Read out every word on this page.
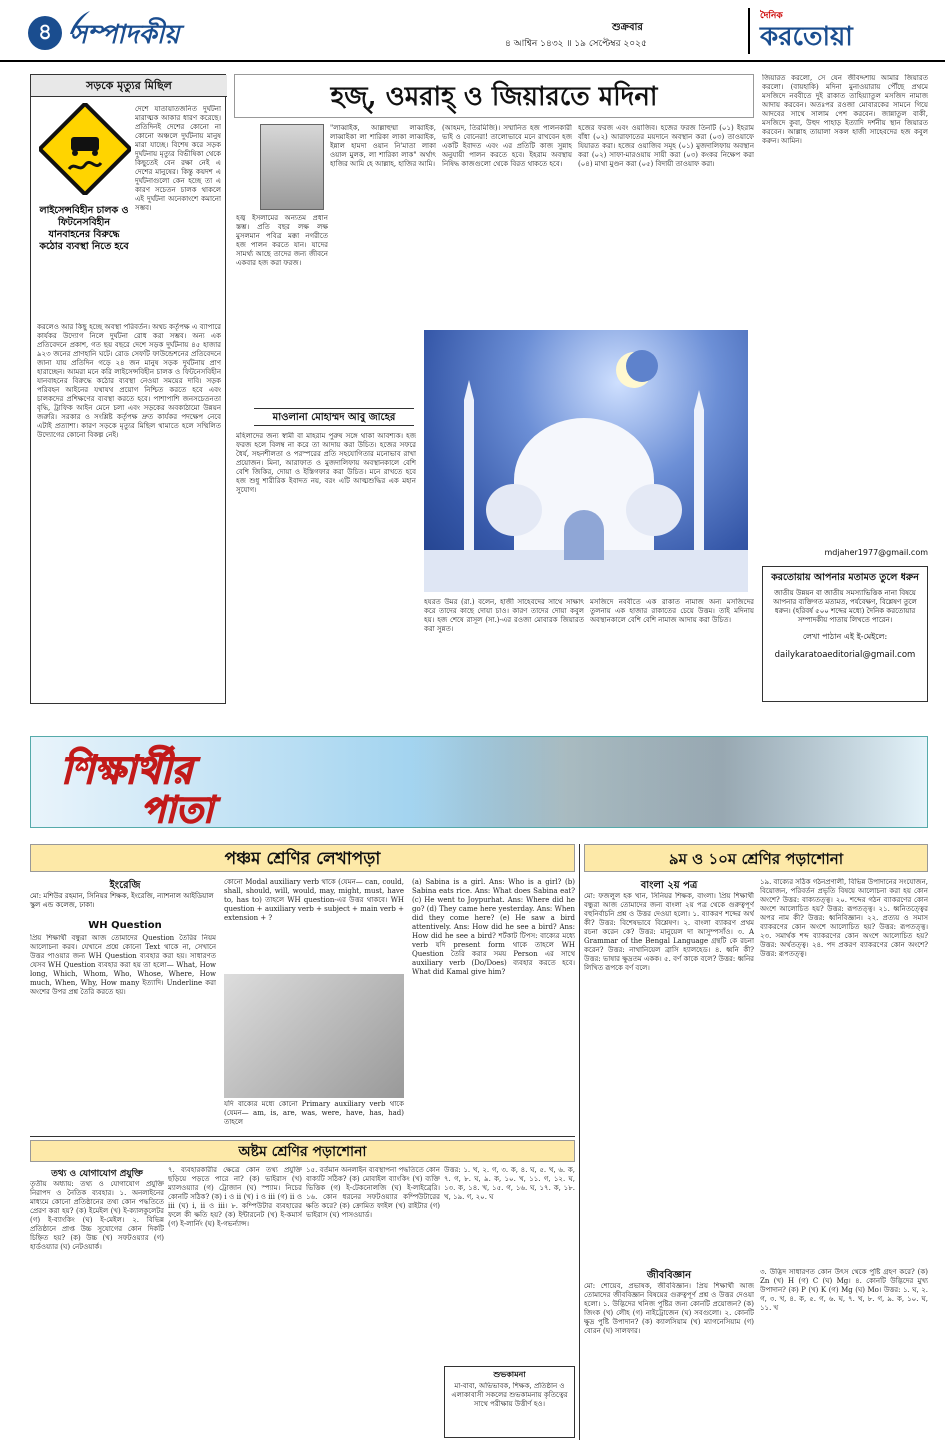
৪ সম্পাদকীয়	শুক্রবার
৪ আশ্বিন ১৪৩২ ॥ ১৯ সেপ্টেম্বর ২০২৫
দৈনিক
করতোয়া
সড়কে মৃত্যুর মিছিল
দেশে যাতায়াতজনিত দুর্ঘটনা মারাত্মক আকার ধারণ করেছে। প্রতিদিনই দেশের কোনো না কোনো অঞ্চলে দুর্ঘটনায় মানুষ মারা যাচ্ছে। বিশেষ করে সড়ক দুর্ঘটনায় মৃত্যুর বিভীষিকা থেকে কিছুতেই বেন রক্ষা নেই এ দেশের মানুষের। কিন্তু কয়দশ এ দুর্ঘটনাগুলো কেন হচ্ছে তা এ কারণ সচেতন চালক থাকলে এই দুর্ঘটনা অনেকাংশে কমানো সম্ভব।
লাইসেন্সবিহীন চালক ও ফিটনেসবিহীন যানবাহনের বিরুদ্ধে কঠোর ব্যবস্থা নিতে হবে
করলেও আর কিছু হচ্ছে অবস্থা পরিবর্তন। অথচ কর্তৃপক্ষ এ ব্যাপারে কার্যকর উদ্যোগ নিলে দুর্ঘটনা রোধ করা সম্ভব। অন্য এক প্রতিবেদনে প্রকাশ, গত ছয় বছরে দেশে সড়ক দুর্ঘটনায় ৪৫ হাজার ৯২৩ জনের প্রাণহানি ঘটে। রোড সেফটি ফাউন্ডেশনের প্রতিবেদনে জানা যায় প্রতিদিন গড়ে ২৪ জন মানুষ সড়ক দুর্ঘটনায় প্রাণ হারাচ্ছেন। আমরা মনে করি লাইসেন্সবিহীন চালক ও ফিটনেসবিহীন যানবাহনের বিরুদ্ধে কঠোর ব্যবস্থা নেওয়া সময়ের দাবি। সড়ক পরিবহন আইনের যথাযথ প্রয়োগ নিশ্চিত করতে হবে এবং চালকদের প্রশিক্ষণের ব্যবস্থা করতে হবে। পাশাপাশি জনসচেতনতা বৃদ্ধি, ট্রাফিক আইন মেনে চলা এবং সড়কের অবকাঠামো উন্নয়ন জরুরি। সরকার ও সংশ্লিষ্ট কর্তৃপক্ষ দ্রুত কার্যকর পদক্ষেপ নেবে এটাই প্রত্যাশা। কারণ সড়কে মৃত্যুর মিছিল থামাতে হলে সম্মিলিত উদ্যোগের কোনো বিকল্প নেই।
হজ্, ওমরাহ্ ও জিয়ারতে মদিনা
"লাব্বাইক, আল্লাহুম্মা লাব্বাইক, লাব্বাইকা লা শারিকা লাকা লাব্বাইক, ইন্নাল হামদা ওয়ান নি'মাতা লাকা ওয়াল মুলক, লা শারিকা লাক" অর্থাৎ হাজির আমি হে আল্লাহ, হাজির আমি।
হজ্ব ইসলামের অন্যতম প্রধান স্তম্ভ। প্রতি বছর লক্ষ লক্ষ মুসলমান পবিত্র মক্কা নগরীতে হজ পালন করতে যান। যাদের সামর্থ্য আছে তাদের জন্য জীবনে একবার হজ করা ফরজ।
(আহমদ, তিরমিজি)। সম্মানিত হজ পালনকারী ভাই ও বোনেরা! তালোভাবে মনে রাখবেন হজ একটি ইবাদত এবং এর প্রতিটি কাজ সুন্নাহ অনুযায়ী পালন করতে হবে। ইহরাম অবস্থায় নিষিদ্ধ কাজগুলো থেকে বিরত থাকতে হবে।
হজের ফরজ এবং ওয়াজিব। হজের ফরজ তিনটি (০১) ইহরাম বাঁধা (০২) আরাফাতের ময়দানে অবস্থান করা (০৩) তাওয়াফে যিয়ারত করা। হজের ওয়াজিব সমূহ (০১) মুজদালিফায় অবস্থান করা (০২) সাফা-মারওয়ায় সায়ী করা (০৩) কংকর নিক্ষেপ করা (০৪) মাথা মুণ্ডন করা (০৫) বিদায়ী তাওয়াফ করা।
মাওলানা মোহাম্মদ আবু জাহের
মহিলাদের জন্য স্বামী বা মাহরাম পুরুষ সঙ্গে থাকা আবশ্যক। হজ ফরজ হলে বিলম্ব না করে তা আদায় করা উচিত। হজের সফরে ধৈর্য, সহনশীলতা ও পরস্পরের প্রতি সহযোগিতার মনোভাব রাখা প্রয়োজন। মিনা, আরাফাত ও মুজদালিফায় অবস্থানকালে বেশি বেশি জিকির, দোয়া ও ইস্তিগফার করা উচিত। মনে রাখতে হবে হজ শুধু শারীরিক ইবাদত নয়, বরং এটি আত্মশুদ্ধির এক মহান সুযোগ।
হযরত উমর (রা.) বলেন, হাজী সাহেবদের সাথে সাক্ষাৎ করে তাদের কাছে দোয়া চাও। কারণ তাদের দোয়া কবুল হয়। হজ শেষে রাসূল (সা.)-এর রওজা মোবারক জিয়ারত করা সুন্নত।
মসজিদে নববীতে এক রাকাত নামাজ অন্য মসজিদের তুলনায় এক হাজার রাকাতের চেয়ে উত্তম। তাই মদিনায় অবস্থানকালে বেশি বেশি নামাজ আদায় করা উচিত।
জিয়ারত করলো, সে যেন জীবদ্দশায় আমার জিয়ারত করলো। (বায়হাকি) মদিনা মুনাওয়ারায় পৌঁছে প্রথমে মসজিদে নববীতে দুই রাকাত তাহিয়্যাতুল মসজিদ নামাজ আদায় করবেন। অতঃপর রওজা মোবারকের সামনে গিয়ে আদবের সাথে সালাম পেশ করবেন। জান্নাতুল বাকী, মসজিদে কুবা, উহুদ পাহাড় ইত্যাদি দর্শনীয় স্থান জিয়ারত করবেন। আল্লাহ তায়ালা সকল হাজী সাহেবদের হজ কবুল করুন। আমিন।
mdjaher1977@gmail.com
করতোয়ায় আপনার মতামত তুলে ধরুন
জাতীয় উন্নয়ন বা জাতীয় সমস্যাভিত্তিক নানা বিষয়ে আপনার ব্যক্তিগত মতামত, পর্যবেক্ষণ, বিশ্লেষণ তুলে ধরুন। (হরিবর্ষ ৫০০ শব্দের মধ্যে) দৈনিক করতোয়ার সম্পাদকীয় পাতায় লিখতে পারেন।
লেখা পাঠান এই ই-মেইলে:
dailykaratoaeditorial@gmail.com
শিক্ষার্থীর
পাতা
পঞ্চম শ্রেণির লেখাপড়া
ইংরেজি
মো: মশিউর রহমান, সিনিয়র শিক্ষক, ইংরেজি, ন্যাশনাল আইডিয়াল স্কুল এন্ড কলেজ, ঢাকা।
WH Question
প্রিয় শিক্ষার্থী বন্ধুরা আজ তোমাদের Question তৈরির নিয়ম আলোচনা করব। যেখানে প্রশ্নে কোনো Text থাকে না, সেখানে উত্তর পাওয়ার জন্য WH Question ব্যবহার করা হয়। সাধারণত যেসব WH Question ব্যবহার করা হয় তা হলো— What, How long, Which, Whom, Who, Whose, Where, How much, When, Why, How many ইত্যাদি। Underline করা অংশের উপর প্রশ্ন তৈরি করতে হয়।
কোনো Modal auxiliary verb থাকে (যেমন— can, could, shall, should, will, would, may, might, must, have to, has to) তাহলে WH question-এর উত্তর থাকবে। WH question + auxiliary verb + subject + main verb + extension + ?
যদি বাক্যের মধ্যে কোনো Primary auxiliary verb থাকে (যেমন— am, is, are, was, were, have, has, had) তাহলে
(a) Sabina is a girl. Ans: Who is a girl? (b) Sabina eats rice. Ans: What does Sabina eat? (c) He went to Joypurhat. Ans: Where did he go? (d) They came here yesterday. Ans: When did they come here? (e) He saw a bird attentively. Ans: How did he see a bird? Ans: How did he see a bird? শর্টকাট টিপস: বাক্যের মধ্যে verb যদি present form থাকে তাহলে WH Question তৈরি করার সময় Person এর সাথে auxiliary verb (Do/Does) ব্যবহার করতে হবে। What did Kamal give him?
অষ্টম শ্রেণির পড়াশোনা
তথ্য ও যোগাযোগ প্রযুক্তি
তৃতীয় অধ্যায়: তথ্য ও যোগাযোগ প্রযুক্তি নিরাপদ ও নৈতিক ব্যবহার। ১. অনলাইনের মাধ্যমে কোনো প্রতিষ্ঠানের তথ্য কোন পদ্ধতিতে প্রেরণ করা হয়? (ক) ইমেইল (খ) ই-ক্যালকুলেটর (গ) ই-ব্যাংকিং (ঘ) ই-মেইল। ২. বিভিন্ন প্রতিষ্ঠানে প্রাপ্ত উচ্চ সুযোগের কোন দিকটি চিহ্নিত হয়? (ক) উচ্চ (খ) সফটওয়্যার (গ) হার্ডওয়্যার (ঘ) নেটওয়ার্ক।
৭. ব্যবহারকারীর ক্ষেত্রে কোন তথ্য প্রযুক্তি ছড়িয়ে পড়তে পারে না? (ক) ভাইরাস (খ) ম্যালওয়্যার (গ) ট্রোজান (ঘ) স্প্যাম। নিচের কোনটি সঠিক? (ক) i ও ii (খ) i ও iii (গ) ii ও iii (ঘ) i, ii ও iii। ৮. কম্পিউটার ব্যবহারের ফলে কী ক্ষতি হয়? (ক) ইন্টারনেট (খ) ই-কমার্স (গ) ই-লার্নিং (ঘ) ই-গভর্ন্যান্স।
১৫. বর্তমান অনলাইন ব্যবস্থাপনা পদ্ধতিতে কোন বাক্যটি সঠিক? (ক) মোবাইল ব্যাংকিং (খ) ব্যক্তি ভিত্তিক (গ) ই-টেকনোলজি (ঘ) ই-লাইব্রেরি। ১৬. কোন ধরনের সফটওয়্যার কম্পিউটারের ক্ষতি করে? (ক) ক্রোমিত ফাইল (খ) রাইটার (গ) ভাইরাস (ঘ) পাসওয়ার্ড।
উত্তর: ১. খ, ২. গ, ৩. ক, ৪. ঘ, ৫. খ, ৬. ক, ৭. গ, ৮. ঘ, ৯. ক, ১০. খ, ১১. গ, ১২. ঘ, ১৩. ক, ১৪. খ, ১৫. গ, ১৬. ঘ, ১৭. ক, ১৮. খ, ১৯. গ, ২০. ঘ
শুভকামনা
মা-বাবা, অভিভাবক, শিক্ষক, প্রতিষ্ঠান ও এলাকাবাসী সকলের শুভকামনায় কৃতিত্বের সাথে পরীক্ষায় উত্তীর্ণ হও।
৯ম ও ১০ম শ্রেণির পড়াশোনা
বাংলা ২য় পত্র
মো: ফজলুল হক খান, সিনিয়র শিক্ষক, বাংলা। প্রিয় শিক্ষার্থী বন্ধুরা আজ তোমাদের জন্য বাংলা ২য় পত্র থেকে গুরুত্বপূর্ণ বহুনির্বাচনি প্রশ্ন ও উত্তর দেওয়া হলো। ১. ব্যাকরণ শব্দের অর্থ কী? উত্তর: বিশেষভাবে বিশ্লেষণ। ২. বাংলা ব্যাকরণ প্রথম রচনা করেন কে? উত্তর: মানুয়েল দা আসুম্পসাঁও। ৩. A Grammar of the Bengal Language গ্রন্থটি কে রচনা করেন? উত্তর: নাথানিয়েল ব্রাসি হ্যালহেড। ৪. ধ্বনি কী? উত্তর: ভাষার ক্ষুদ্রতম একক। ৫. বর্ণ কাকে বলে? উত্তর: ধ্বনির লিখিত রূপকে বর্ণ বলে।
১৯. বাক্যের সঠিক গঠনপ্রণালী, বিভিন্ন উপাদানের সংযোজন, বিয়োজন, পরিবর্তন প্রভৃতি বিষয়ে আলোচনা করা হয় কোন অংশে? উত্তর: বাক্যতত্ত্ব। ২০. শব্দের গঠন ব্যাকরণের কোন অংশে আলোচিত হয়? উত্তর: রূপতত্ত্ব। ২১. ধ্বনিতত্ত্বের অপর নাম কী? উত্তর: ধ্বনিবিজ্ঞান। ২২. প্রত্যয় ও সমাস ব্যাকরণের কোন অংশে আলোচিত হয়? উত্তর: রূপতত্ত্ব। ২৩. সমার্থক শব্দ ব্যাকরণের কোন অংশে আলোচিত হয়? উত্তর: অর্থতত্ত্ব। ২৪. পদ প্রকরণ ব্যাকরণের কোন অংশে? উত্তর: রূপতত্ত্ব।
জীববিজ্ঞান
মো: শোয়েব, প্রভাষক, জীববিজ্ঞান। প্রিয় শিক্ষার্থী আজ তোমাদের জীববিজ্ঞান বিষয়ের গুরুত্বপূর্ণ প্রশ্ন ও উত্তর দেওয়া হলো। ১. উদ্ভিদের খনিজ পুষ্টির জন্য কোনটি প্রয়োজন? (ক) জিংক (খ) লৌহ (গ) নাইট্রোজেন (ঘ) সবগুলো। ২. কোনটি ক্ষুদ্র পুষ্টি উপাদান? (ক) ক্যালসিয়াম (খ) ম্যাগনেসিয়াম (গ) বোরন (ঘ) সালফার।
৩. উদ্ভিদ সাধারণত কোন উৎস থেকে পুষ্টি গ্রহণ করে? (ক) Zn (খ) H (গ) C (ঘ) Mg। ৪. কোনটি উদ্ভিদের মুখ্য উপাদান? (ক) P (খ) K (গ) Mg (ঘ) Mo। উত্তর: ১. ঘ, ২. গ, ৩. খ, ৪. ক, ৫. গ, ৬. ঘ, ৭. খ, ৮. গ, ৯. ক, ১০. ঘ, ১১. খ
